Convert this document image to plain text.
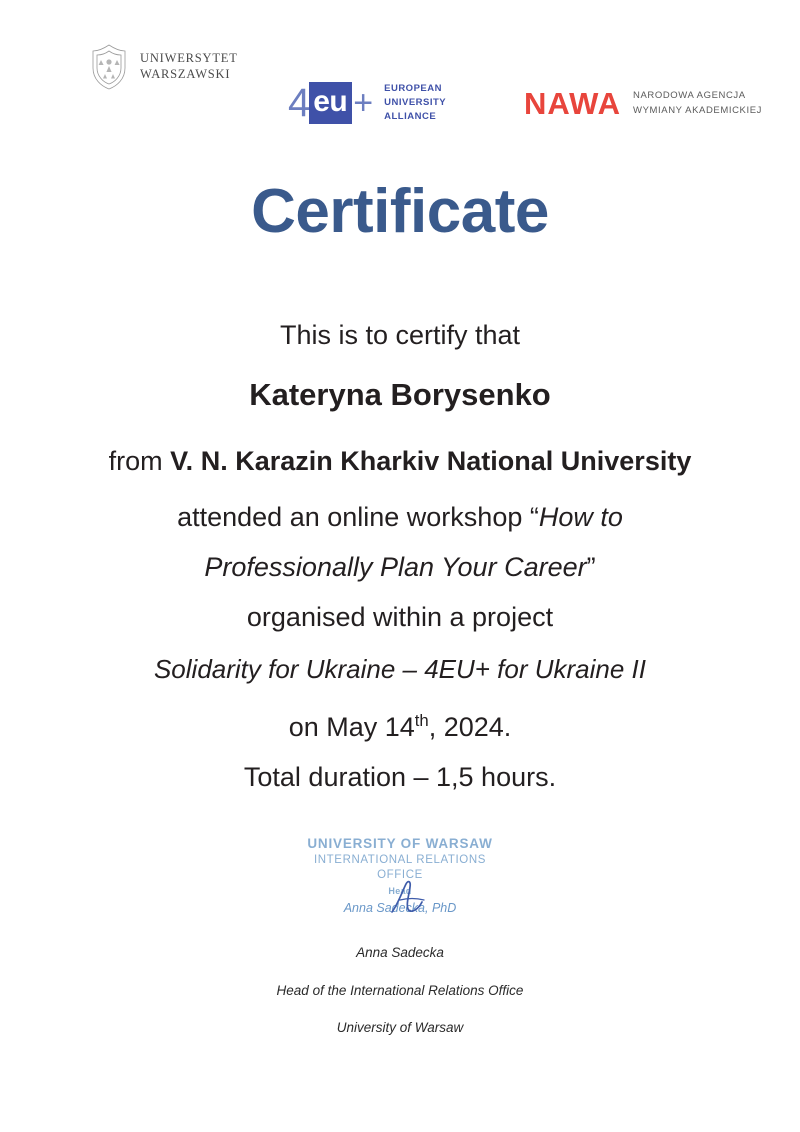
UNIWERSYTET
WARSZAWSKI
4 eu + EUROPEAN
UNIVERSITY
ALLIANCE	NAWA NARODOWA AGENCJA
WYMIANY AKADEMICKIEJ
Certificate
This is to certify that
Kateryna Borysenko
from V. N. Karazin Kharkiv National University
attended an online workshop “How to
Professionally Plan Your Career”
organised within a project
Solidarity for Ukraine – 4EU+ for Ukraine II
on May 14th, 2024.
Total duration – 1,5 hours.
UNIVERSITY OF WARSAW
INTERNATIONAL RELATIONS OFFICE
Head
Anna Sadecka, PhD
Anna Sadecka
Head of the International Relations Office
University of Warsaw
